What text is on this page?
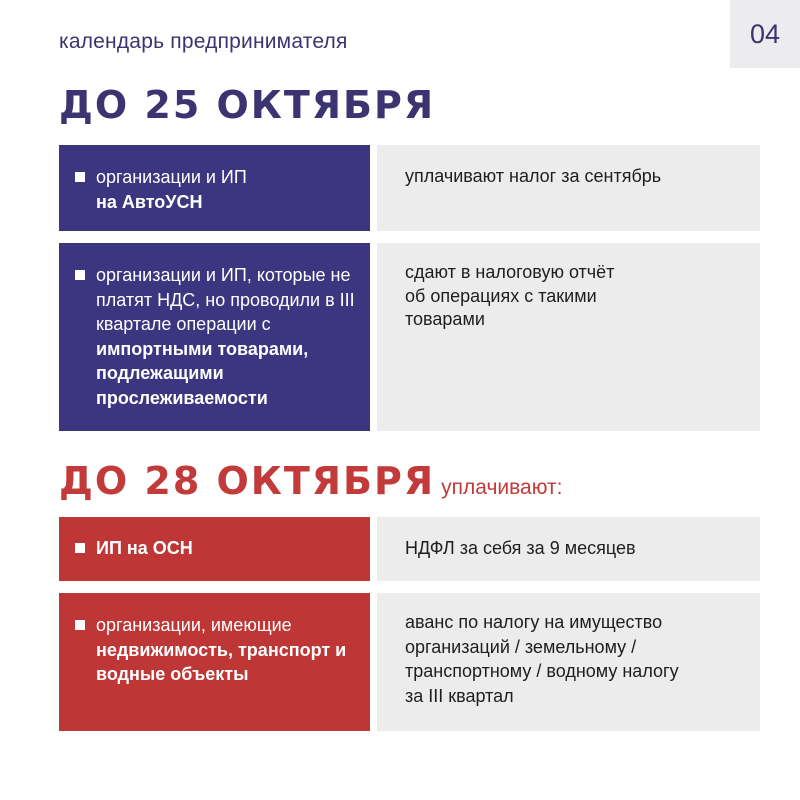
календарь предпринимателя	04
ДО 25 ОКТЯБРЯ
организации и ИП
на АвтоУСН
уплачивают налог за сентябрь
организации и ИП, которые не платят НДС, но проводили в III квартале операции с импортными товарами, подлежащими прослеживаемости
сдают в налоговую отчёт
об операциях с такими
товарами
ДО 28 ОКТЯБРЯ уплачивают:
ИП на ОСН	НДФЛ за себя за 9 месяцев
организации, имеющие недвижимость, транспорт и водные объекты
аванс по налогу на имущество
организаций / земельному /
транспортному / водному налогу
за III квартал
